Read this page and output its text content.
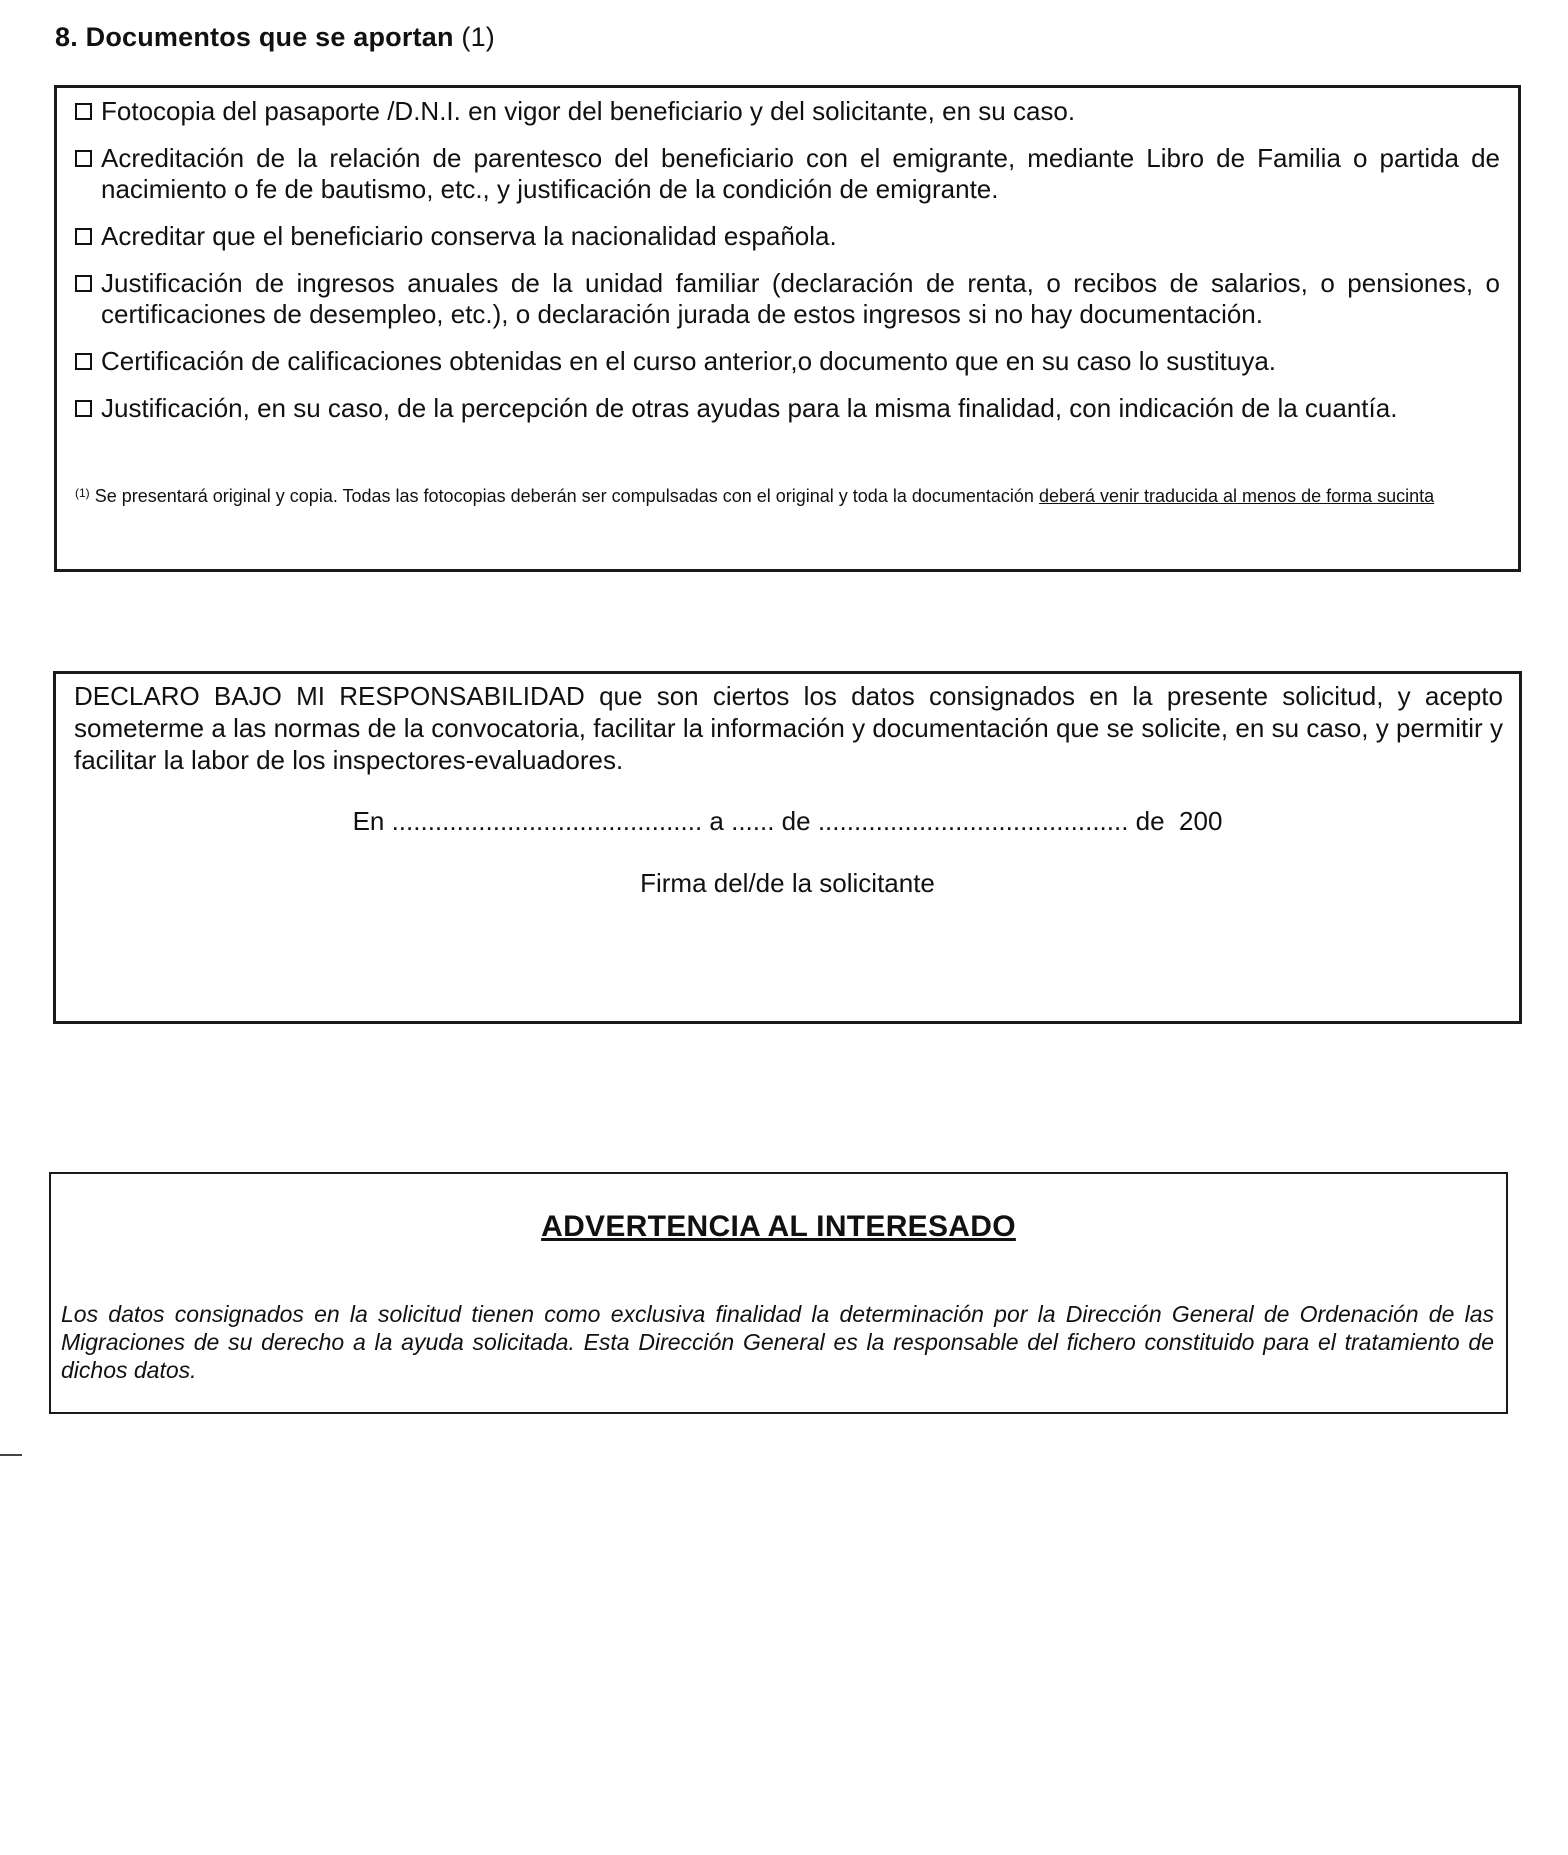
8. Documentos que se aportan (1)
Fotocopia del pasaporte /D.N.I. en vigor del beneficiario y del solicitante, en su caso.
Acreditación de la relación de parentesco del beneficiario con el emigrante, mediante Libro de Familia o partida de nacimiento o fe de bautismo, etc., y justificación de la condición de emigrante.
Acreditar que el beneficiario conserva la nacionalidad española.
Justificación de ingresos anuales de la unidad familiar (declaración de renta, o recibos de salarios, o pensiones, o certificaciones de desempleo, etc.), o declaración jurada de estos ingresos si no hay documentación.
Certificación de calificaciones obtenidas en el curso anterior,o documento que en su caso lo sustituya.
Justificación, en su caso, de la percepción de otras ayudas para la misma finalidad, con indicación de la cuantía.
$^{(1)}$ Se presentará original y copia. Todas las fotocopias deberán ser compulsadas con el original y toda la documentación deberá venir traducida al menos de forma sucinta
DECLARO BAJO MI RESPONSABILIDAD que son ciertos los datos consignados en la presente solicitud, y acepto someterme a las normas de la convocatoria, facilitar la información y documentación que se solicite, en su caso, y permitir y facilitar la labor de los inspectores-evaluadores.
En ........................................... a ...... de ........................................... de  200
Firma del/de la solicitante
ADVERTENCIA AL INTERESADO
Los datos consignados en la solicitud tienen como exclusiva finalidad la determinación por la Dirección General de Ordenación de las Migraciones de su derecho a la ayuda solicitada. Esta Dirección General es la responsable del fichero constituido para el tratamiento de dichos datos.
